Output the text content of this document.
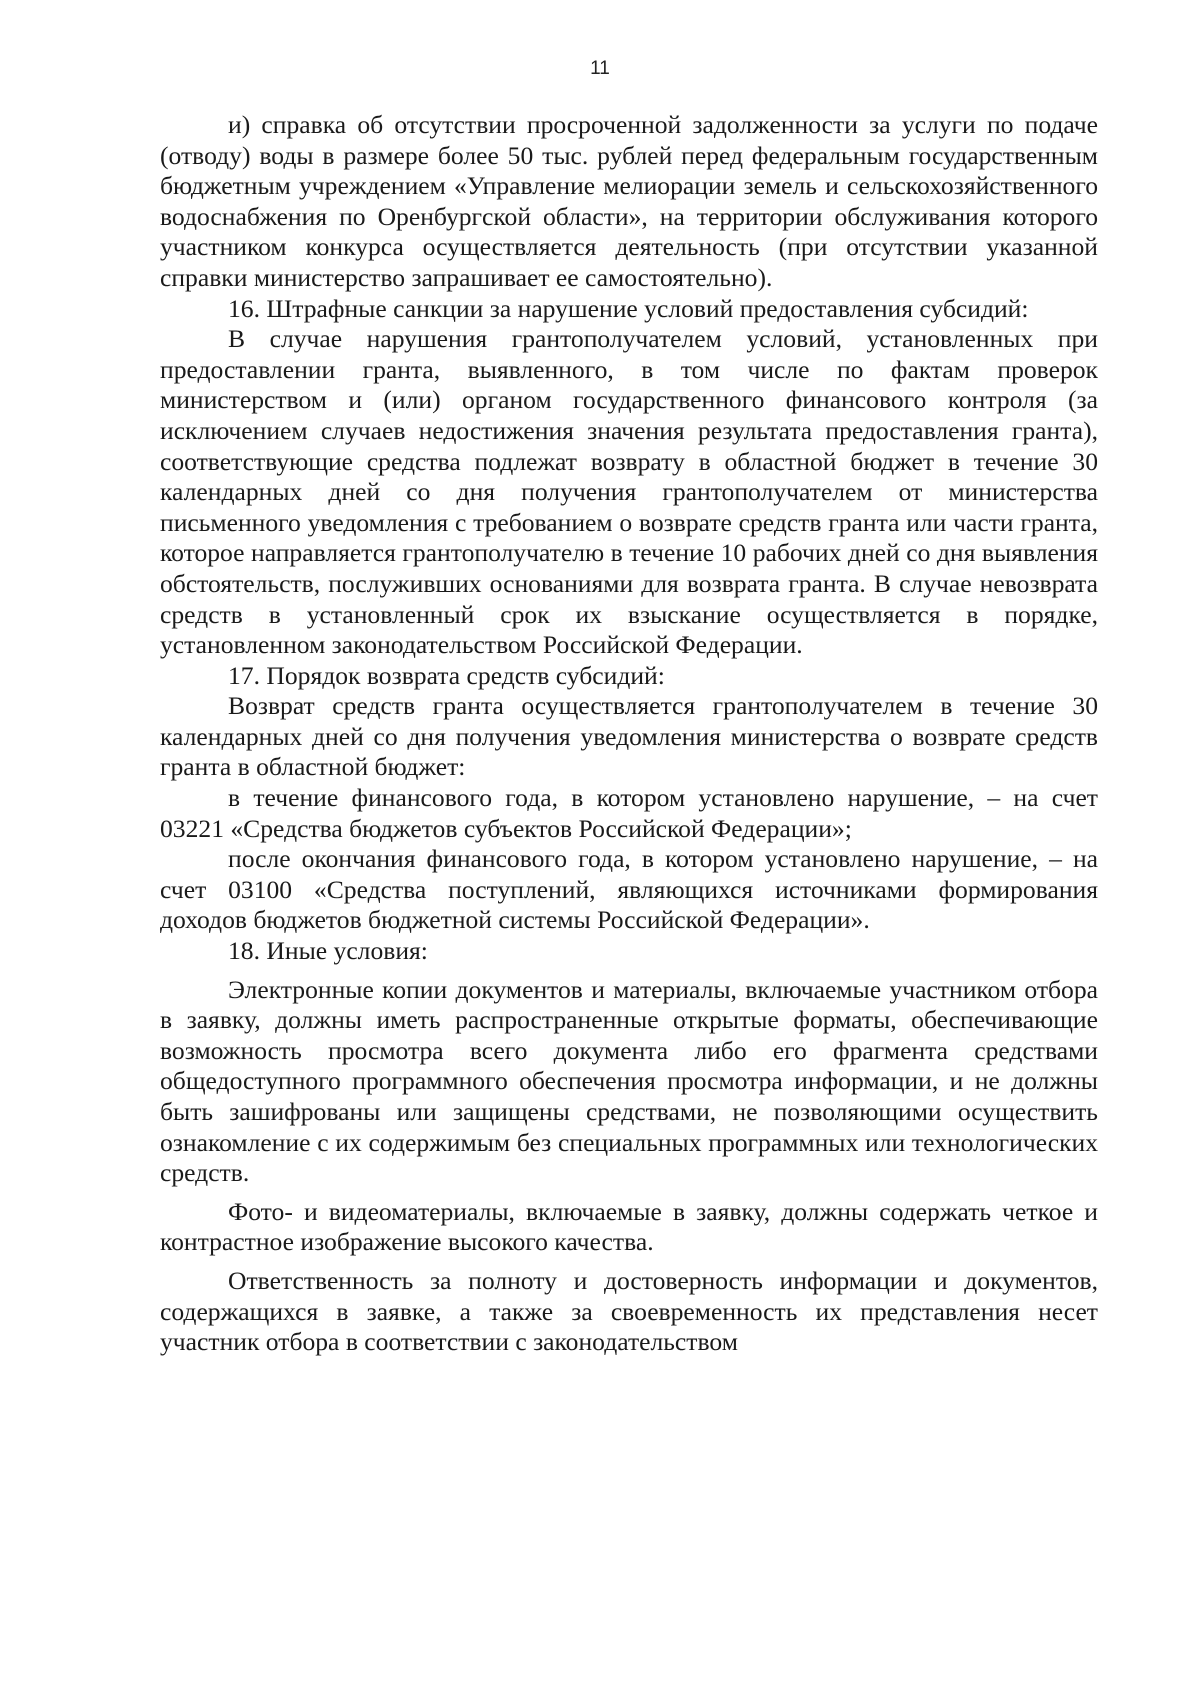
11

и) справка об отсутствии просроченной задолженности за услуги по подаче (отводу) воды в размере более 50 тыс. рублей перед федеральным государственным бюджетным учреждением «Управление мелиорации земель и сельскохозяйственного водоснабжения по Оренбургской области», на территории обслуживания которого участником конкурса осуществляется деятельность (при отсутствии указанной справки министерство запрашивает ее самостоятельно).

16. Штрафные санкции за нарушение условий предоставления субсидий:

В случае нарушения грантополучателем условий, установленных при предоставлении гранта, выявленного, в том числе по фактам проверок министерством и (или) органом государственного финансового контроля (за исключением случаев недостижения значения результата предоставления гранта), соответствующие средства подлежат возврату в областной бюджет в течение 30 календарных дней со дня получения грантополучателем от министерства письменного уведомления с требованием о возврате средств гранта или части гранта, которое направляется грантополучателю в течение 10 рабочих дней со дня выявления обстоятельств, послуживших основаниями для возврата гранта. В случае невозврата средств в установленный срок их взыскание осуществляется в порядке, установленном законодательством Российской Федерации.

17. Порядок возврата средств субсидий:

Возврат средств гранта осуществляется грантополучателем в течение 30 календарных дней со дня получения уведомления министерства о возврате средств гранта в областной бюджет:

в течение финансового года, в котором установлено нарушение, – на счет 03221 «Средства бюджетов субъектов Российской Федерации»;

после окончания финансового года, в котором установлено нарушение, – на счет 03100 «Средства поступлений, являющихся источниками формирования доходов бюджетов бюджетной системы Российской Федерации».

18. Иные условия:

Электронные копии документов и материалы, включаемые участником отбора в заявку, должны иметь распространенные открытые форматы, обеспечивающие возможность просмотра всего документа либо его фрагмента средствами общедоступного программного обеспечения просмотра информации, и не должны быть зашифрованы или защищены средствами, не позволяющими осуществить ознакомление с их содержимым без специальных программных или технологических средств.

Фото- и видеоматериалы, включаемые в заявку, должны содержать четкое и контрастное изображение высокого качества.

Ответственность за полноту и достоверность информации и документов, содержащихся в заявке, а также за своевременность их представления несет участник отбора в соответствии с законодательством
